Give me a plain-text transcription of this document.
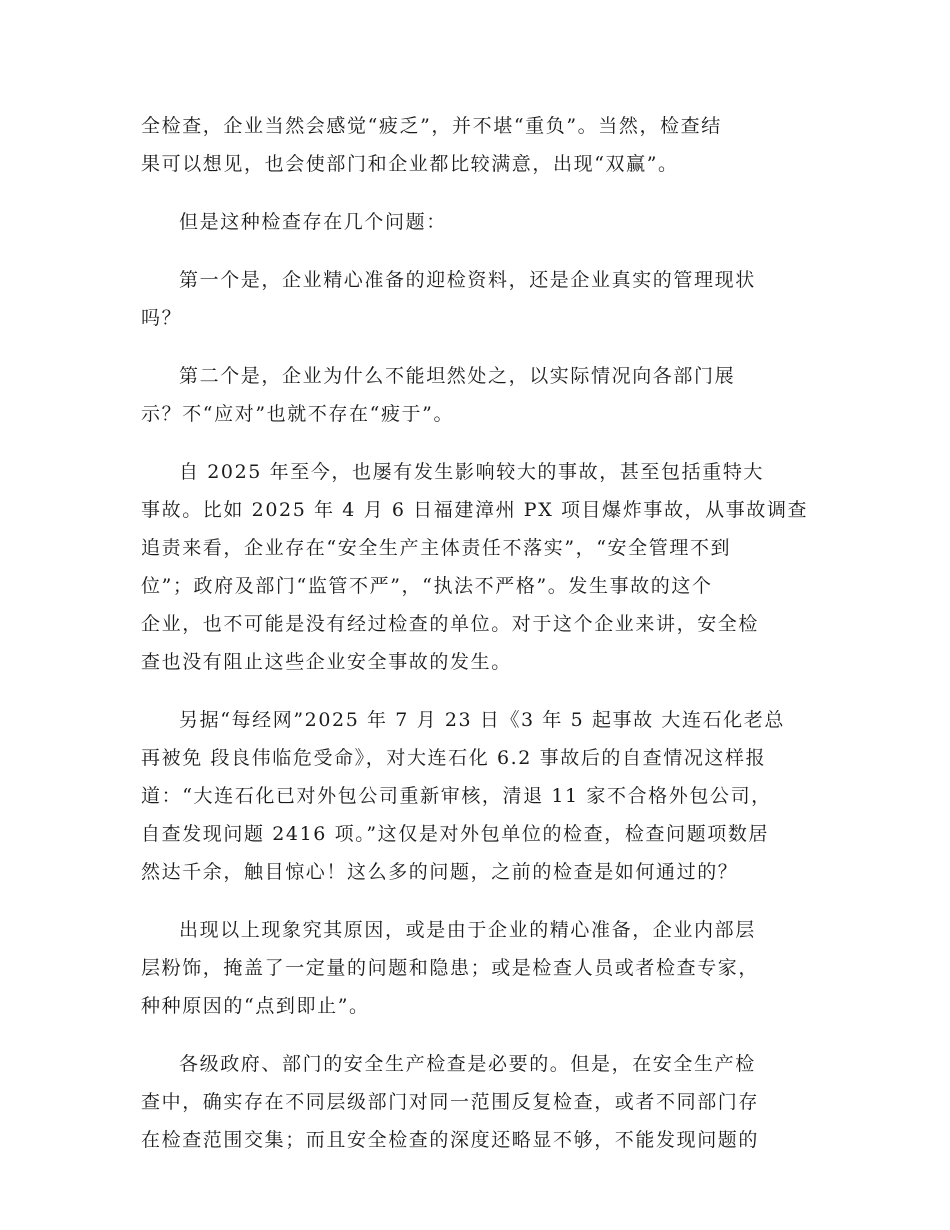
全检查，企业当然会感觉“疲乏”，并不堪“重负”。当然，检查结
果可以想见，也会使部门和企业都比较满意，出现“双赢”。
但是这种检查存在几个问题：
第一个是，企业精心准备的迎检资料，还是企业真实的管理现状
吗？
第二个是，企业为什么不能坦然处之，以实际情况向各部门展
示？不“应对”也就不存在“疲于”。
自 2025 年至今，也屡有发生影响较大的事故，甚至包括重特大
事故。比如 2025 年 4 月 6 日福建漳州 PX 项目爆炸事故，从事故调查
追责来看，企业存在“安全生产主体责任不落实”，“安全管理不到
位”；政府及部门“监管不严”，“执法不严格”。发生事故的这个
企业，也不可能是没有经过检查的单位。对于这个企业来讲，安全检
查也没有阻止这些企业安全事故的发生。
另据“每经网”2025 年 7 月 23 日《3 年 5 起事故 大连石化老总
再被免 段良伟临危受命》，对大连石化 6.2 事故后的自查情况这样报
道：“大连石化已对外包公司重新审核，清退 11 家不合格外包公司，
自查发现问题 2416 项。”这仅是对外包单位的检查，检查问题项数居
然达千余，触目惊心！这么多的问题，之前的检查是如何通过的？
出现以上现象究其原因，或是由于企业的精心准备，企业内部层
层粉饰，掩盖了一定量的问题和隐患；或是检查人员或者检查专家，
种种原因的“点到即止”。
各级政府、部门的安全生产检查是必要的。但是，在安全生产检
查中，确实存在不同层级部门对同一范围反复检查，或者不同部门存
在检查范围交集；而且安全检查的深度还略显不够，不能发现问题的
